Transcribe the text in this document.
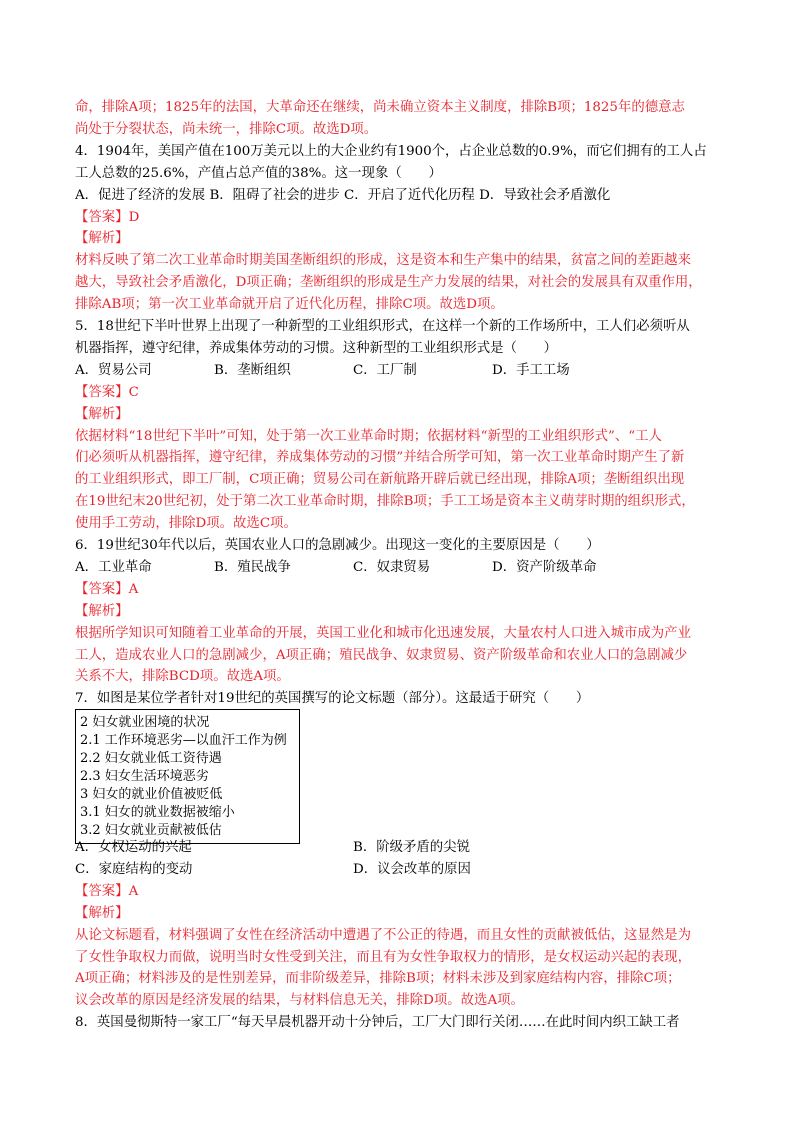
命，排除A项；1825年的法国，大革命还在继续，尚未确立资本主义制度，排除B项；1825年的德意志
尚处于分裂状态，尚未统一，排除C项。故选D项。
4．1904年，美国产值在100万美元以上的大企业约有1900个，占企业总数的0.9%，而它们拥有的工人占
工人总数的25.6%，产值占总产值的38%。这一现象（　　）
A．促进了经济的发展 B．阻碍了社会的进步 C．开启了近代化历程 D．导致社会矛盾激化
【答案】D
【解析】
材料反映了第二次工业革命时期美国垄断组织的形成，这是资本和生产集中的结果，贫富之间的差距越来
越大，导致社会矛盾激化，D项正确；垄断组织的形成是生产力发展的结果，对社会的发展具有双重作用，
排除AB项；第一次工业革命就开启了近代化历程，排除C项。故选D项。
5．18世纪下半叶世界上出现了一种新型的工业组织形式，在这样一个新的工作场所中，工人们必须听从
机器指挥，遵守纪律，养成集体劳动的习惯。这种新型的工业组织形式是（　　）
A．贸易公司	B．垄断组织	C．工厂制	D．手工工场
【答案】C
【解析】
依据材料“18世纪下半叶”可知，处于第一次工业革命时期；依据材料“新型的工业组织形式”、“工人
们必须听从机器指挥，遵守纪律，养成集体劳动的习惯”并结合所学可知，第一次工业革命时期产生了新
的工业组织形式，即工厂制，C项正确；贸易公司在新航路开辟后就已经出现，排除A项；垄断组织出现
在19世纪末20世纪初，处于第二次工业革命时期，排除B项；手工工场是资本主义萌芽时期的组织形式，
使用手工劳动，排除D项。故选C项。
6．19世纪30年代以后，英国农业人口的急剧减少。出现这一变化的主要原因是（　　）
A．工业革命	B．殖民战争	C．奴隶贸易	D．资产阶级革命
【答案】A
【解析】
根据所学知识可知随着工业革命的开展，英国工业化和城市化迅速发展，大量农村人口进入城市成为产业
工人，造成农业人口的急剧减少，A项正确；殖民战争、奴隶贸易、资产阶级革命和农业人口的急剧减少
关系不大，排除BCD项。故选A项。
7．如图是某位学者针对19世纪的英国撰写的论文标题（部分）。这最适于研究（　　）
2 妇女就业困境的状况
2.1 工作环境恶劣—以血汗工作为例
2.2 妇女就业低工资待遇
2.3 妇女生活环境恶劣
3 妇女的就业价值被贬低
3.1 妇女的就业数据被缩小
3.2 妇女就业贡献被低估
A．女权运动的兴起	B．阶级矛盾的尖锐
C．家庭结构的变动	D．议会改革的原因
【答案】A
【解析】
从论文标题看，材料强调了女性在经济活动中遭遇了不公正的待遇，而且女性的贡献被低估，这显然是为
了女性争取权力而做，说明当时女性受到关注，而且有为女性争取权力的情形，是女权运动兴起的表现，
A项正确；材料涉及的是性别差异，而非阶级差异，排除B项；材料未涉及到家庭结构内容，排除C项；
议会改革的原因是经济发展的结果，与材料信息无关，排除D项。故选A项。
8．英国曼彻斯特一家工厂“每天早晨机器开动十分钟后，工厂大门即行关闭……在此时间内织工缺工者
